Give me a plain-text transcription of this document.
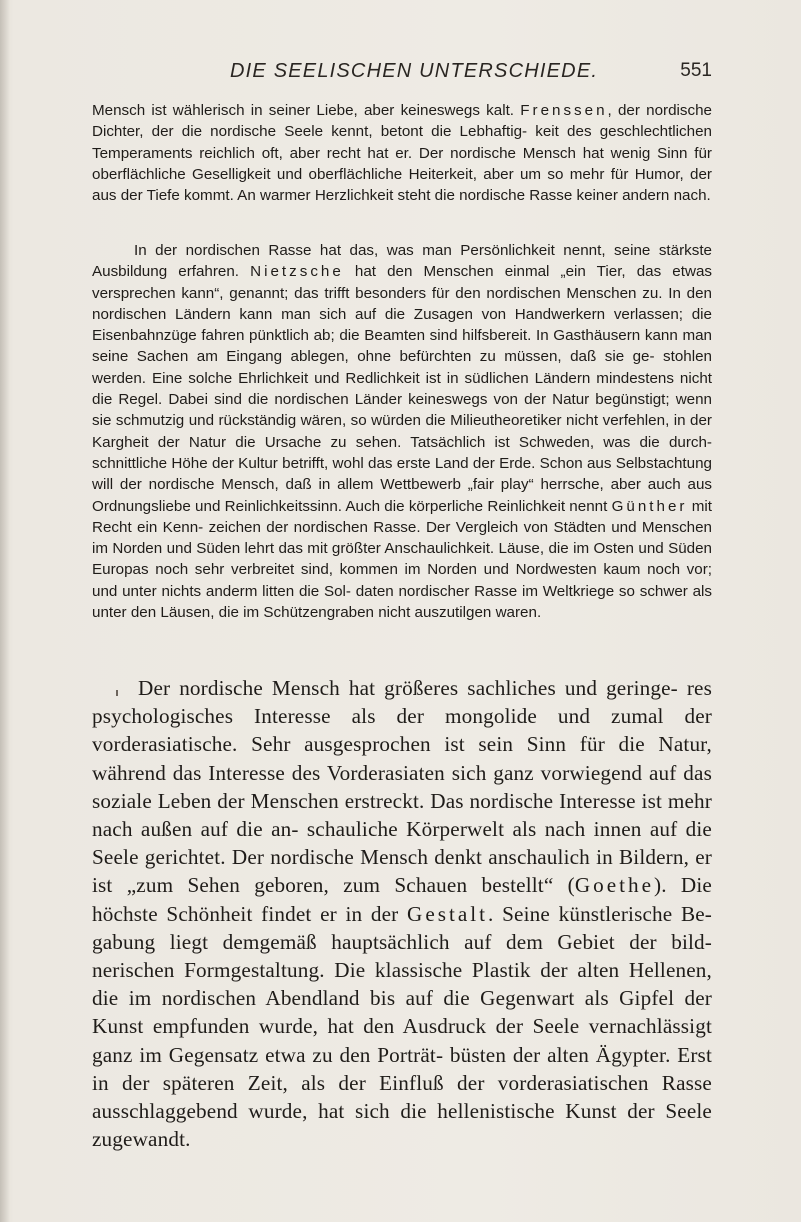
DIE SEELISCHEN UNTERSCHIEDE.	551

Mensch ist wählerisch in seiner Liebe, aber keineswegs kalt. Frenssen, der nordische Dichter, der die nordische Seele kennt, betont die Lebhaftig- keit des geschlechtlichen Temperaments reichlich oft, aber recht hat er. Der nordische Mensch hat wenig Sinn für oberflächliche Geselligkeit und oberflächliche Heiterkeit, aber um so mehr für Humor, der aus der Tiefe kommt. An warmer Herzlichkeit steht die nordische Rasse keiner andern nach.

In der nordischen Rasse hat das, was man Persönlichkeit nennt, seine stärkste Ausbildung erfahren. Nietzsche hat den Menschen einmal „ein Tier, das etwas versprechen kann“, genannt; das trifft besonders für den nordischen Menschen zu. In den nordischen Ländern kann man sich auf die Zusagen von Handwerkern verlassen; die Eisenbahnzüge fahren pünktlich ab; die Beamten sind hilfsbereit. In Gasthäusern kann man seine Sachen am Eingang ablegen, ohne befürchten zu müssen, daß sie ge- stohlen werden. Eine solche Ehrlichkeit und Redlichkeit ist in südlichen Ländern mindestens nicht die Regel. Dabei sind die nordischen Länder keineswegs von der Natur begünstigt; wenn sie schmutzig und rückständig wären, so würden die Milieutheoretiker nicht verfehlen, in der Kargheit der Natur die Ursache zu sehen. Tatsächlich ist Schweden, was die durch- schnittliche Höhe der Kultur betrifft, wohl das erste Land der Erde. Schon aus Selbstachtung will der nordische Mensch, daß in allem Wettbewerb „fair play“ herrsche, aber auch aus Ordnungsliebe und Reinlichkeitssinn. Auch die körperliche Reinlichkeit nennt Günther mit Recht ein Kenn- zeichen der nordischen Rasse. Der Vergleich von Städten und Menschen im Norden und Süden lehrt das mit größter Anschaulichkeit. Läuse, die im Osten und Süden Europas noch sehr verbreitet sind, kommen im Norden und Nordwesten kaum noch vor; und unter nichts anderm litten die Sol- daten nordischer Rasse im Weltkriege so schwer als unter den Läusen, die im Schützengraben nicht auszutilgen waren.

Der nordische Mensch hat größeres sachliches und geringe- res psychologisches Interesse als der mongolide und zumal der vorderasiatische. Sehr ausgesprochen ist sein Sinn für die Natur, während das Interesse des Vorderasiaten sich ganz vorwiegend auf das soziale Leben der Menschen erstreckt. Das nordische Interesse ist mehr nach außen auf die an- schauliche Körperwelt als nach innen auf die Seele gerichtet. Der nordische Mensch denkt anschaulich in Bildern, er ist „zum Sehen geboren, zum Schauen bestellt“ (Goethe). Die höchste Schönheit findet er in der Gestalt. Seine künstlerische Be- gabung liegt demgemäß hauptsächlich auf dem Gebiet der bild- nerischen Formgestaltung. Die klassische Plastik der alten Hellenen, die im nordischen Abendland bis auf die Gegenwart als Gipfel der Kunst empfunden wurde, hat den Ausdruck der Seele vernachlässigt ganz im Gegensatz etwa zu den Porträt- büsten der alten Ägypter. Erst in der späteren Zeit, als der Einfluß der vorderasiatischen Rasse ausschlaggebend wurde, hat sich die hellenistische Kunst der Seele zugewandt.
